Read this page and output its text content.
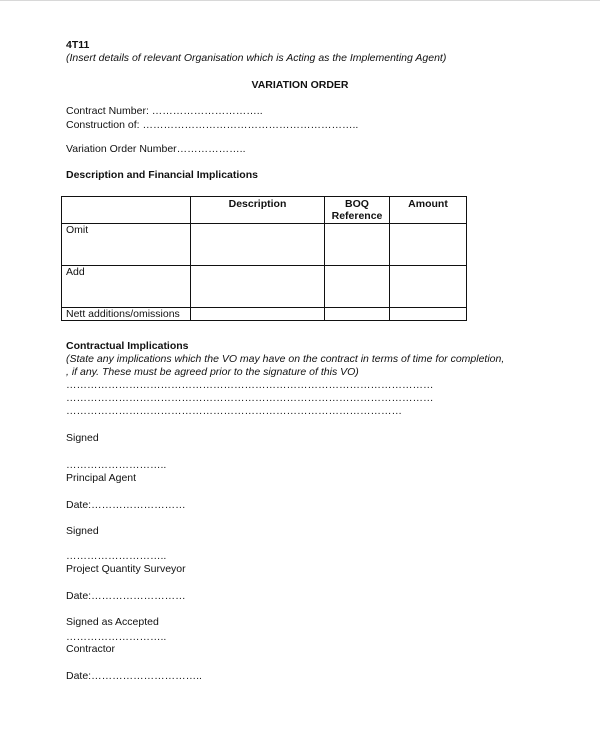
4T11
(Insert details of relevant Organisation which is Acting as the Implementing Agent)
VARIATION ORDER
Contract Number: …………………………..
Construction of: ……………………………………………………..
Variation Order Number………………..
Description and Financial Implications
	Description	BOQ Reference	Amount
Omit			
Add			
Nett additions/omissions			
Contractual Implications
(State any implications which the VO may have on the contract in terms of time for completion,
, if any. These must be agreed prior to the signature of this VO)
……………………………………………………………………………………………
……………………………………………………………………………………………
……………………………………………………………………………………
Signed
………………………..
Principal Agent
Date:………………………
Signed
………………………..
Project Quantity Surveyor
Date:………………………
Signed as Accepted
………………………..
Contractor
Date:…………………………..
